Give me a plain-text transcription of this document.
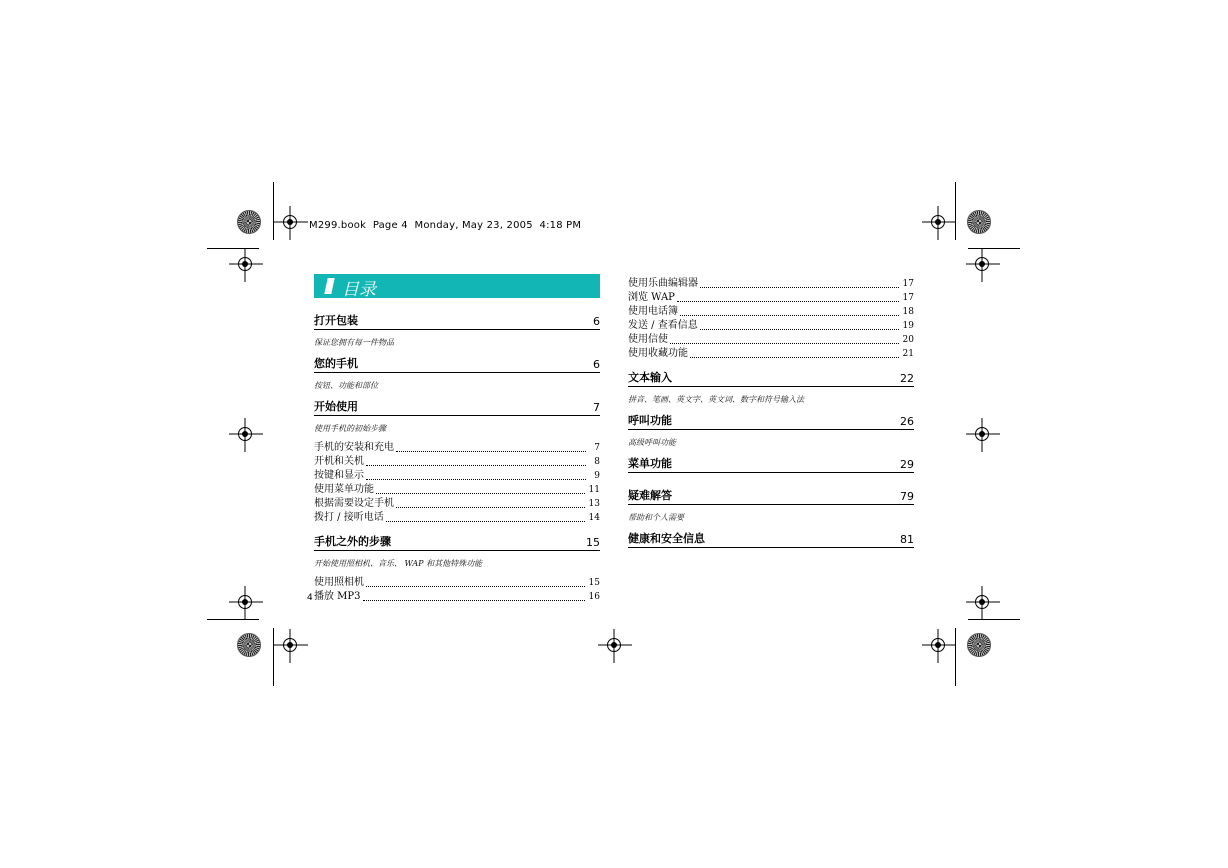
M299.book  Page 4  Monday, May 23, 2005  4:18 PM
目录
打开包装	6
保证您拥有每一件物品
您的手机	6
按钮、功能和部位
开始使用	7
使用手机的初始步骤
手机的安装和充电	7
开机和关机	8
按键和显示	9
使用菜单功能	11
根据需要设定手机	13
拨打 / 接听电话	14
手机之外的步骤	15
开始使用照相机、音乐、 WAP 和其他特殊功能
使用照相机	15
播放 MP3	16
使用乐曲编辑器	17
浏览 WAP	17
使用电话簿	18
发送 / 查看信息	19
使用信使	20
使用收藏功能	21
文本输入	22
拼音、笔画、英文字、英文词、数字和符号输入法
呼叫功能	26
高级呼叫功能
菜单功能	29
疑难解答	79
帮助和个人需要
健康和安全信息	81
4
